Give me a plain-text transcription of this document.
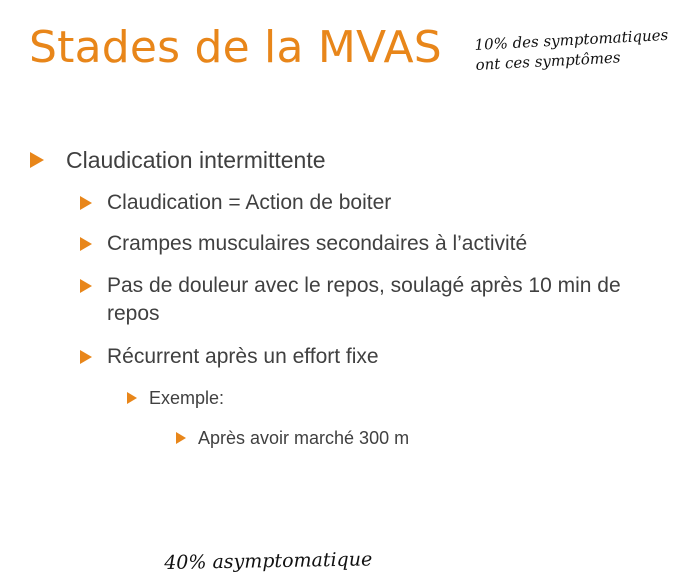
Stades de la MVAS 10% des symptomatiques
ont ces symptômes
Claudication intermittente
Claudication = Action de boiter
Crampes musculaires secondaires à l’activité
Pas de douleur avec le repos, soulagé après 10 min de repos
Récurrent après un effort fixe
Exemple:
Après avoir marché 300 m
40% asymptomatique
